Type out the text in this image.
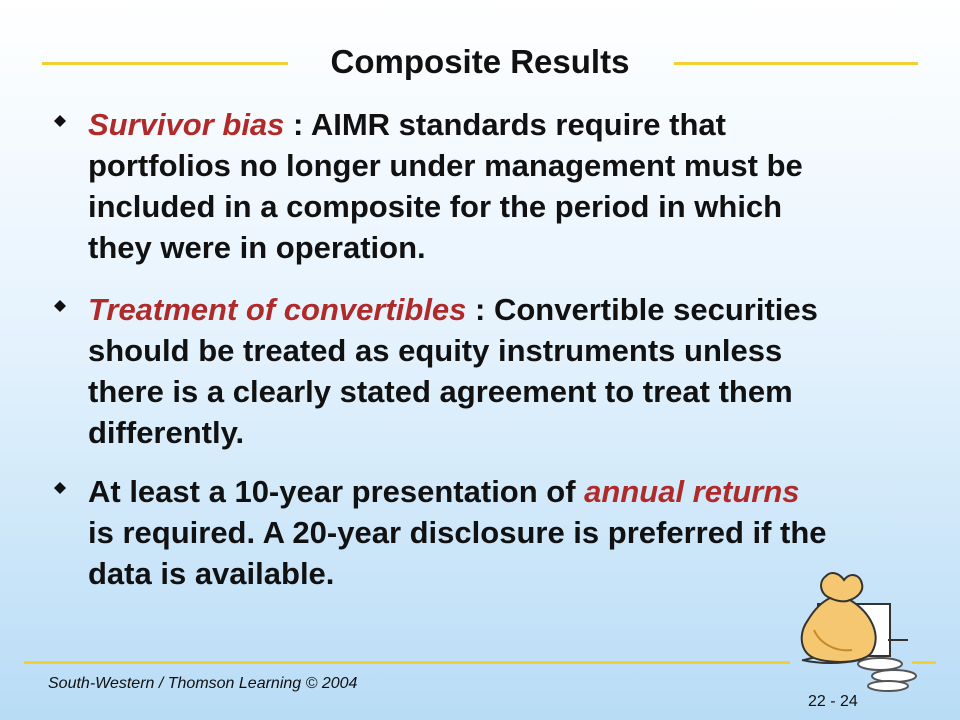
Composite Results
Survivor bias : AIMR standards require that portfolios no longer under management must be included in a composite for the period in which they were in operation.
Treatment of convertibles : Convertible securities should be treated as equity instruments unless there is a clearly stated agreement to treat them differently.
At least a 10-year presentation of annual returns
is required. A 20-year disclosure is preferred if the data is available.
South-Western / Thomson Learning © 2004
22 - 24
